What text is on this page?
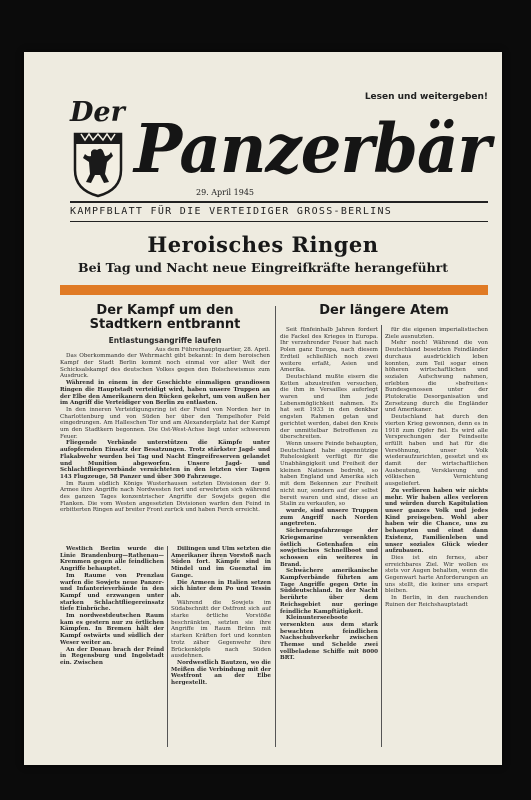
Lesen und weitergeben!
Der Panzerbär
29. April 1945
KAMPFBLATT FÜR DIE VERTEIDIGER GROSS-BERLINS
Heroisches Ringen
Bei Tag und Nacht neue Eingreifkräfte herangeführt
Der Kampf um den Stadtkern entbrannt
Entlastungsangriffe laufen

Aus dem Führerhauptquartier, 28. April.

Das Oberkommando der Wehrmacht gibt bekannt: In dem heroischen Kampf der Stadt Berlin kommt noch einmal vor aller Welt der Schicksalskampf des deutschen Volkes gegen den Bolschewismus zum Ausdruck.

Während in einem in der Geschichte einmaligen grandiosen Ringen die Hauptstadt verteidigt wird, haben unsere Truppen an der Elbe den Amerikanern den Rücken gekehrt, um von außen her im Angriff die Verteidiger von Berlin zu entlasten.

In den inneren Verteidigungsring ist der Feind von Norden her in Charlottenburg und von Süden her über den Tempelhofer Feld eingedrungen. Am Halleschen Tor und am Alexanderplatz hat der Kampf um den Stadtkern begonnen. Die Ost-West-Achse liegt unter schwerem Feuer.

Fliegende Verbände unterstützen die Kämpfe unter aufopfernden Einsatz der Besatzungen. Trotz stärkster Jagd- und Flakabwehr wurden bei Tag und Nacht Eingreifreserven gelandet und Munition abgeworfen. Unsere Jagd- und Schlachtfliegerverbände vernichteten in den letzten vier Tagen 143 Flugzeuge, 58 Panzer und über 300 Fahrzeuge.

Im Raum südlich Königs Wusterhausen setzten Divisionen der 9. Armee ihre Angriffe nach Nordwesten fort und erwehrten sich während des ganzen Tages konzentrischer Angriffe der Sowjets gegen die Flanken. Die vom Westen angesetzten Divisionen warfen den Feind in erbitterten Ringen auf breiter Front zurück und haben Ferch erreicht.

Westlich Berlin wurde die Linie Brandenburg—Rathenau—Kremmen gegen alle feindlichen Angriffe behauptet.

Im Raume von Prenzlau warfen die Sowjets neue Panzer- und Infanterieverbände in den Kampf und erzwangen unter starken Schlachtfliegereinsatz tiefe Einbrüche.

Im nordwestdeutschen Raum kam es gestern nur zu örtlichen Kämpfen. In Bremen hält der Kampf ostwärts und südlich der Weser weiter an.

An der Donau brach der Feind in Regensburg und Ingolstadt ein. Zwischen

Dillingen und Ulm setzten die Amerikaner ihren Vorstoß nach Süden fort. Kämpfe sind in Mindel und im Guenztal im Gange.

Die Armeen in Italien setzen sich hinter dem Po und Tessin ab.

Während die Sowjets im Südabschnitt der Ostfront sich auf starke örtliche Vorstöße beschränkten, setzten sie ihre Angriffe im Raum Brünn mit starken Kräften fort und konnten trotz zäher Gegenwehr ihre Brückenköpfe nach Süden ausdehnen.

Nordwestlich Bautzen, wo die Meißen die Verbindung mit der Westfront an der Elbe hergestellt.

Der längere Atem

Seit fünfeinhalb Jahren fordert die Fackel des Krieges in Europa. Ihr verzehrender Feuer hat nach Polen ganz Europa, nach diesem Erdteil schließlich noch zwei weitere erfaßt, Asien und Amerika.

Deutschland mußte eisern die Ketten abzustreifen versuchen, die ihm in Versailles auferlegt waren und ihm jede Lebensmöglichkeit nahmen. Es hat seit 1933 in den denkbar engsten Rahmen getan und gerichtet werden, dabei den Kreis der unmittelbar Betroffenen zu überschreiten.

Wenn unsere Feinde behaupten, Deutschland habe eigennützige Ruhelosigkeit verfügt für die Unabhängigkeit und Freiheit der kleinen Nationen bedroht, so haben England und Amerika sich mit dem Bekennen zur Freiheit nicht nur, sondern auf der selbst bereit waren und sind, diese an Stalin zu verkaufen, so

wurde, sind unsere Truppen zum Angriff nach Norden angetreten.

Sicherungsfahrzeuge der Kriegsmarine versenkten östlich Gotenhafen ein sowjetisches Schnellboot und schossen ein weiteres in Brand.

Schwächere amerikanische Kampfverbände führten am Tage Angriffe gegen Orte in Süddeutschland. In der Nacht berührte über dem Reichsgebiet nur geringe feindliche Kampftätigkeit.

Kleinunterseeboote versenkten aus dem stark bewachten feindlichen Nachschubverkehr zwischen Themse und Schelde zwei vollbeladene Schiffe mit 8000 BRT.

für die eigenen imperialistischen Ziele ausnutzten.

Mehr noch! Während die von Deutschland besetzten Feindländer durchaus ausdrücklich leben konnten, zum Teil sogar einen höheren wirtschaftlichen und sozialen Aufschwung nahmen, erlebten die »befreiten« Bundesgenossen unter der Plutokratie Desorganisation und Zersetzung durch die Engländer und Amerikaner.

Deutschland hat durch den vierten Krieg gewonnen, denn es in 1918 zum Opfer fiel. Es wird alle Versprechungen der Feindseite erfüllt haben und hat für die Versöhnung, unser Volk wiederaufzurichten, gesetzt und es damit der wirtschaftlichen Ausbeutung, Versklavung und völkischen Vernichtung ausgeliefert.

Zu verlieren haben wir nichts mehr. Wir haben alles verloren und würden durch Kapitulation unser ganzes Volk und jedes Kind preisgeben. Wohl aber haben wir die Chance, uns zu behaupten und einst dann Existenz, Familienleben und unser soziales Glück wieder aufzubauen.

Dies ist ein fernes, aber erreichbares Ziel. Wir wollen es stets vor Augen behalten, wenn die Gegenwart harte Anforderungen an uns stellt, die keiner uns erspart bleiben.

In Berlin, in den rauchenden Ruinen der Reichshauptstadt
